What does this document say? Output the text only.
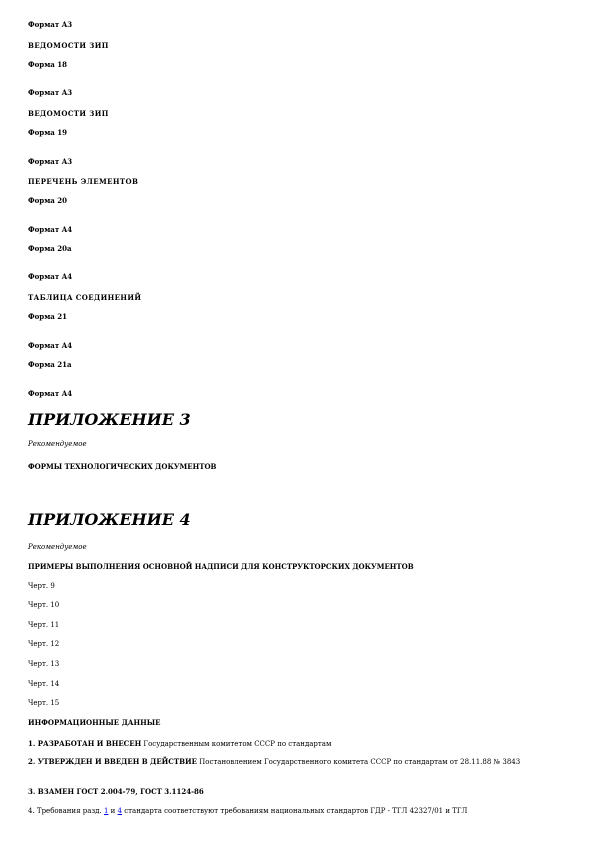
Формат А3

ВЕДОМОСТИ ЗИП

Форма 18

Формат А3

ВЕДОМОСТИ ЗИП

Форма 19

Формат А3

ПЕРЕЧЕНЬ ЭЛЕМЕНТОВ

Форма 20

Формат А4

Форма 20а

Формат А4

ТАБЛИЦА СОЕДИНЕНИЙ

Форма 21

Формат А4

Форма 21а

Формат А4

ПРИЛОЖЕНИЕ 3

Рекомендуемое

ФОРМЫ ТЕХНОЛОГИЧЕСКИХ ДОКУМЕНТОВ

ПРИЛОЖЕНИЕ 4

Рекомендуемое

ПРИМЕРЫ ВЫПОЛНЕНИЯ ОСНОВНОЙ НАДПИСИ ДЛЯ КОНСТРУКТОРСКИХ ДОКУМЕНТОВ

Черт. 9

Черт. 10

Черт. 11

Черт. 12

Черт. 13

Черт. 14

Черт. 15

ИНФОРМАЦИОННЫЕ ДАННЫЕ

1. РАЗРАБОТАН И ВНЕСЕН Государственным комитетом СССР по стандартам

2. УТВЕРЖДЕН И ВВЕДЕН В ДЕЙСТВИЕ Постановлением Государственного комитета СССР по стандартам от 28.11.88 № 3843

3. ВЗАМЕН ГОСТ 2.004-79, ГОСТ 3.1124-86

4. Требования разд. 1 и 4 стандарта соответствуют требованиям национальных стандартов ГДР - ТГЛ 42327/01 и ТГЛ
